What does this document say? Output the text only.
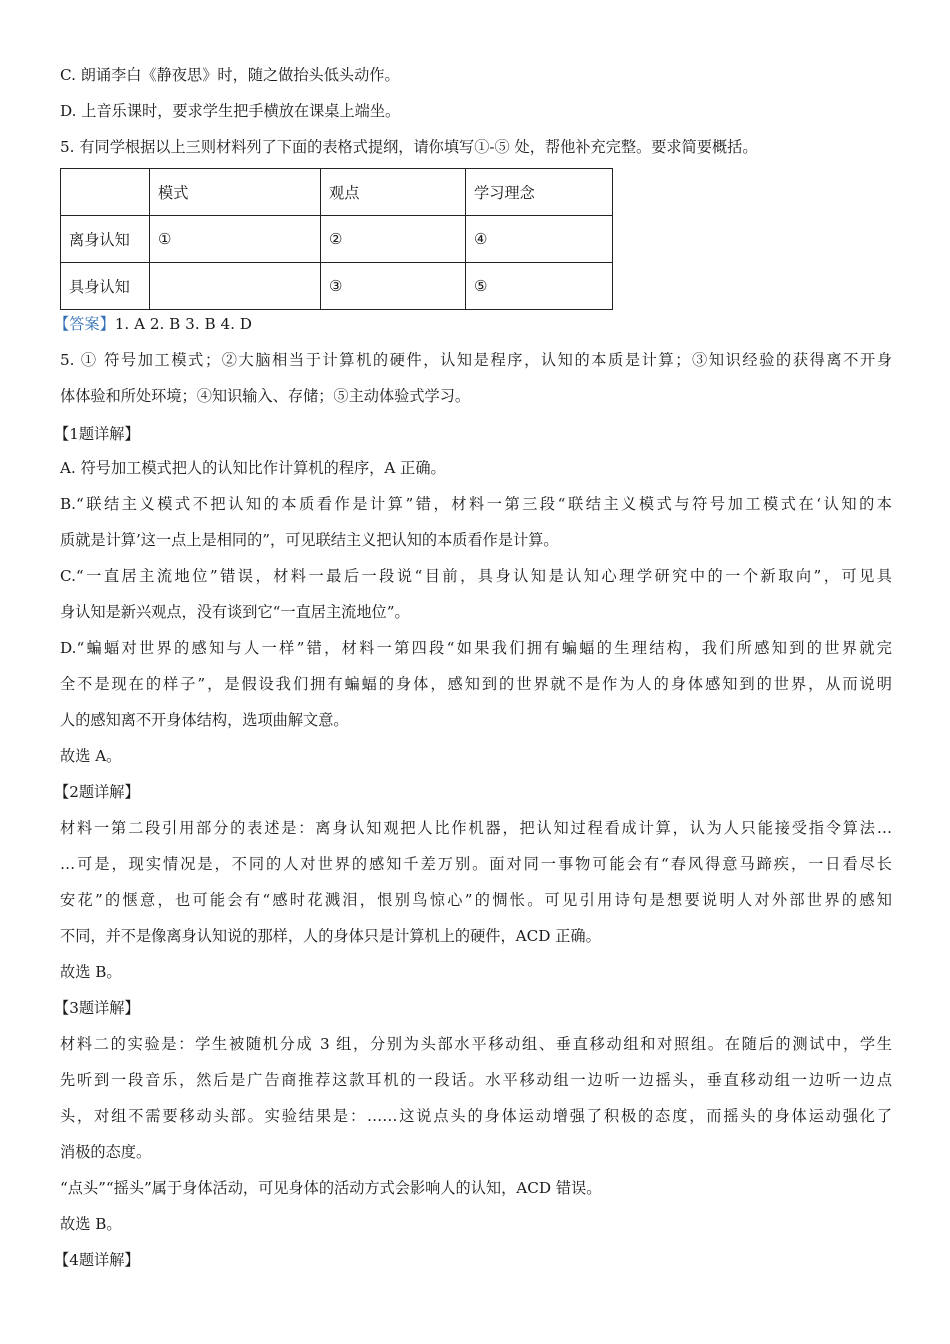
C. 朗诵李白《静夜思》时，随之做抬头低头动作。
D. 上音乐课时，要求学生把手横放在课桌上端坐。
5. 有同学根据以上三则材料列了下面的表格式提纲，请你填写①-⑤ 处，帮他补充完整。要求简要概括。
	模式	观点	学习理念
离身认知	①	②	④
具身认知		③	⑤
【答案】1. A 2. B 3. B 4. D
5. ① 符号加工模式；②大脑相当于计算机的硬件，认知是程序，认知的本质是计算；③知识经验的获得离不开身
体体验和所处环境；④知识输入、存储；⑤主动体验式学习。
【1题详解】
A. 符号加工模式把人的认知比作计算机的程序，A 正确。
B.“联结主义模式不把认知的本质看作是计算”错，材料一第三段“联结主义模式与符号加工模式在‘认知的本
质就是计算’这一点上是相同的”，可见联结主义把认知的本质看作是计算。
C.“一直居主流地位”错误，材料一最后一段说“目前，具身认知是认知心理学研究中的一个新取向”，可见具
身认知是新兴观点，没有谈到它“一直居主流地位”。
D.“蝙蝠对世界的感知与人一样”错，材料一第四段“如果我们拥有蝙蝠的生理结构，我们所感知到的世界就完
全不是现在的样子”，是假设我们拥有蝙蝠的身体，感知到的世界就不是作为人的身体感知到的世界，从而说明
人的感知离不开身体结构，选项曲解文意。
故选 A。
【2题详解】
材料一第二段引用部分的表述是：离身认知观把人比作机器，把认知过程看成计算，认为人只能接受指令算法…
…可是，现实情况是，不同的人对世界的感知千差万别。面对同一事物可能会有“春风得意马蹄疾，一日看尽长
安花”的惬意，也可能会有“感时花溅泪，恨别鸟惊心”的惆怅。可见引用诗句是想要说明人对外部世界的感知
不同，并不是像离身认知说的那样，人的身体只是计算机上的硬件，ACD 正确。
故选 B。
【3题详解】
材料二的实验是：学生被随机分成 3 组，分别为头部水平移动组、垂直移动组和对照组。在随后的测试中，学生
先听到一段音乐，然后是广告商推荐这款耳机的一段话。水平移动组一边听一边摇头，垂直移动组一边听一边点
头，对组不需要移动头部。实验结果是：……这说点头的身体运动增强了积极的态度，而摇头的身体运动强化了
消极的态度。
“点头”“摇头”属于身体活动，可见身体的活动方式会影响人的认知，ACD 错误。
故选 B。
【4题详解】
